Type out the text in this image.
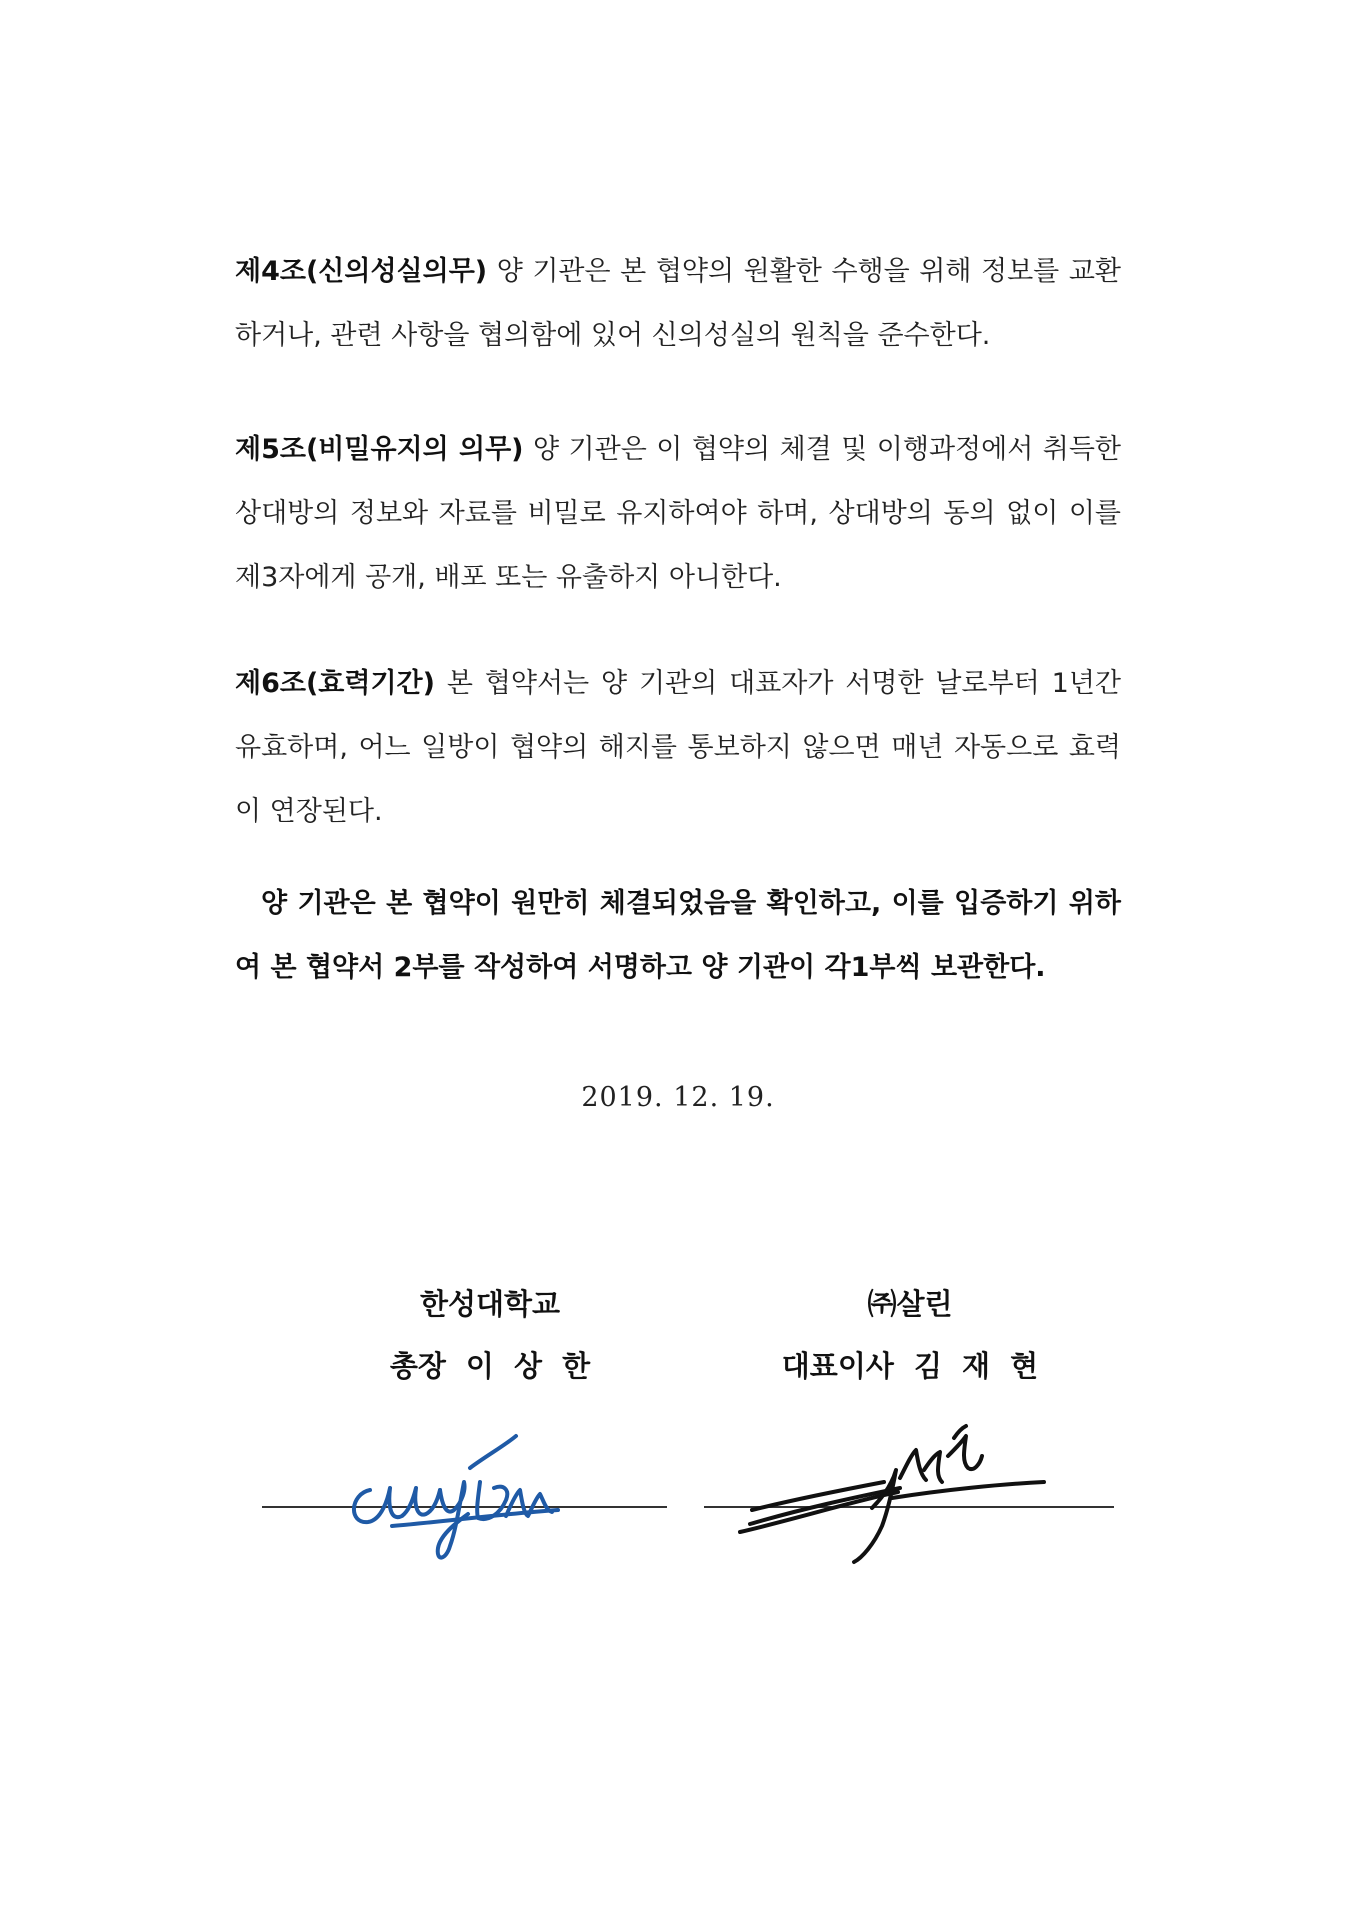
제4조(신의성실의무) 양 기관은 본 협약의 원활한 수행을 위해 정보를 교환하거나, 관련 사항을 협의함에 있어 신의성실의 원칙을 준수한다.
제5조(비밀유지의 의무) 양 기관은 이 협약의 체결 및 이행과정에서 취득한 상대방의 정보와 자료를 비밀로 유지하여야 하며, 상대방의 동의 없이 이를 제3자에게 공개, 배포 또는 유출하지 아니한다.
제6조(효력기간) 본 협약서는 양 기관의 대표자가 서명한 날로부터 1년간 유효하며, 어느 일방이 협약의 해지를 통보하지 않으면 매년 자동으로 효력이 연장된다.
양 기관은 본 협약이 원만히 체결되었음을 확인하고, 이를 입증하기 위하여 본 협약서 2부를 작성하여 서명하고 양 기관이 각1부씩 보관한다.
2019. 12. 19.
한성대학교
총장 이 상 한
㈜살린
대표이사 김 재 현
